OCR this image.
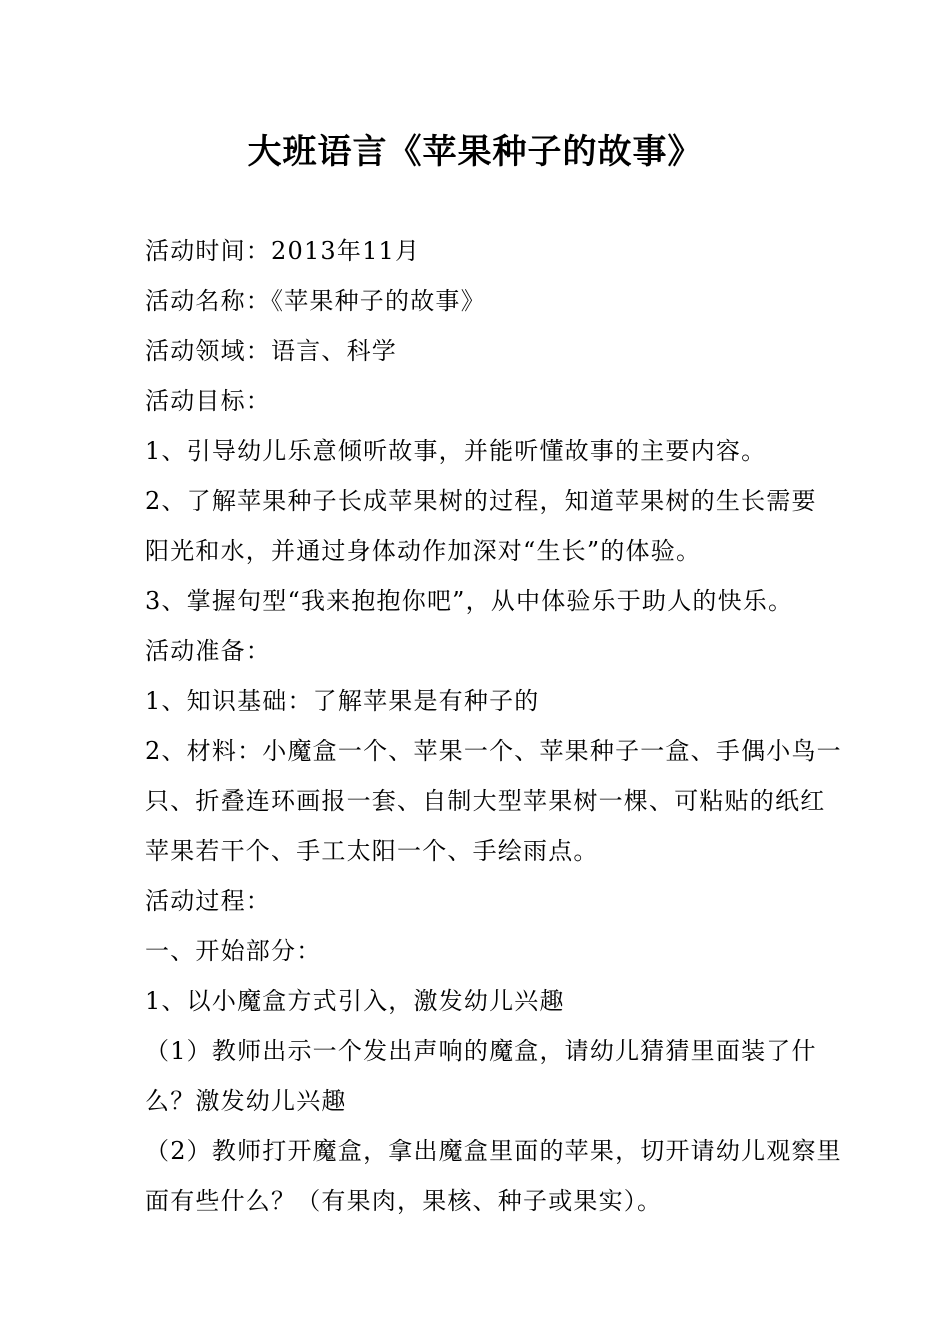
大班语言《苹果种子的故事》
活动时间：2013年11月
活动名称：《苹果种子的故事》
活动领域：语言、科学
活动目标：
1、引导幼儿乐意倾听故事，并能听懂故事的主要内容。
2、了解苹果种子长成苹果树的过程，知道苹果树的生长需要
阳光和水，并通过身体动作加深对“生长”的体验。
3、掌握句型“我来抱抱你吧”，从中体验乐于助人的快乐。
活动准备：
1、知识基础：了解苹果是有种子的
2、材料：小魔盒一个、苹果一个、苹果种子一盒、手偶小鸟一
只、折叠连环画报一套、自制大型苹果树一棵、可粘贴的纸红
苹果若干个、手工太阳一个、手绘雨点。
活动过程：
一、开始部分：
1、以小魔盒方式引入，激发幼儿兴趣
（1）教师出示一个发出声响的魔盒，请幼儿猜猜里面装了什
么？激发幼儿兴趣
（2）教师打开魔盒，拿出魔盒里面的苹果，切开请幼儿观察里
面有些什么？（有果肉，果核、种子或果实）。
